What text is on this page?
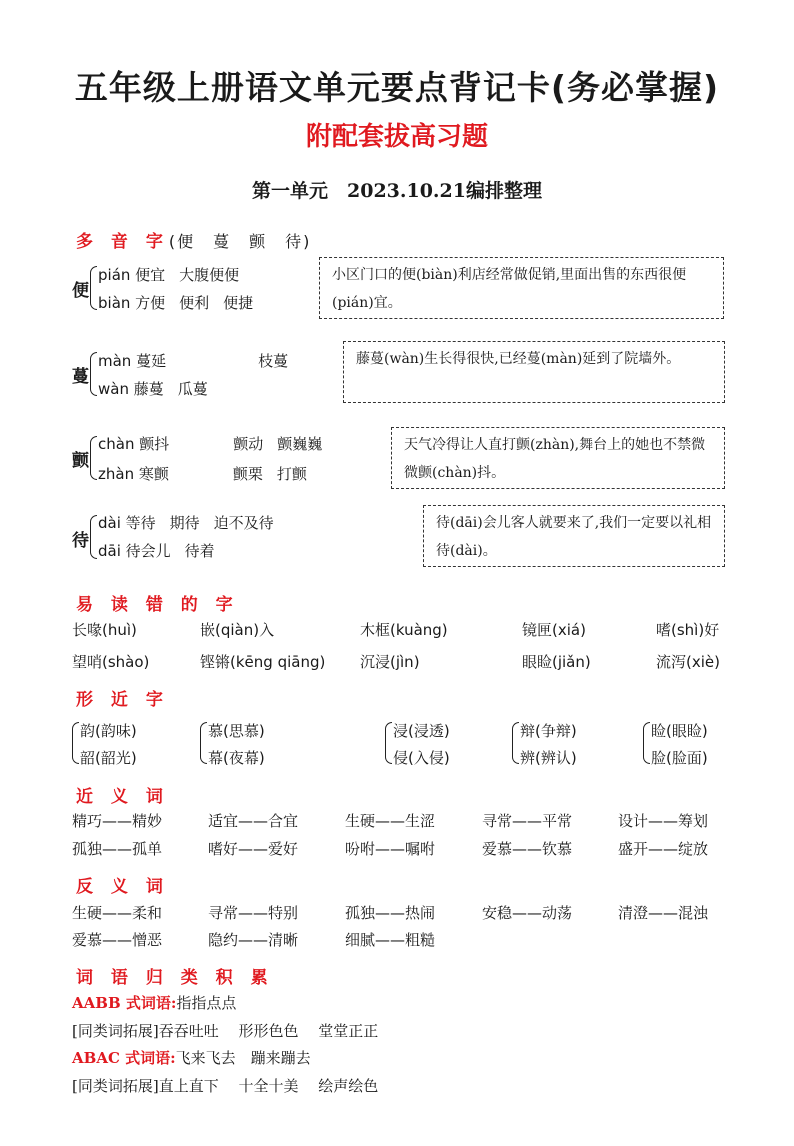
五年级上册语文单元要点背记卡(务必掌握)
附配套拔高习题
第一单元　2023.10.21编排整理
多 音 字(便　蔓　颤　待)
便
pián 便宜 大腹便便
biàn 方便 便利 便捷
小区门口的便(biàn)利店经常做促销,里面出售的东西很便(pián)宜。
蔓
màn 蔓延	枝蔓
wàn 藤蔓 瓜蔓
藤蔓(wàn)生长得很快,已经蔓(màn)延到了院墙外。
颤
chàn 颤抖	颤动 颤巍巍
zhàn 寒颤	颤栗 打颤
天气冷得让人直打颤(zhàn),舞台上的她也不禁微微颤(chàn)抖。
待
dài 等待 期待 迫不及待
dāi 待会儿 待着
待(dāi)会儿客人就要来了,我们一定要以礼相待(dài)。
易 读 错 的 字
长喙(huì)	嵌(qiàn)入	木框(kuàng)	镜匣(xiá)	嗜(shì)好
望哨(shào)	铿锵(kēng qiāng) 沉浸(jìn)	眼睑(jiǎn)	流泻(xiè)
形 近 字
韵(韵味)
韶(韶光)
慕(思慕)
幕(夜幕)
浸(浸透)
侵(入侵)
辩(争辩)
辨(辨认)
睑(眼睑)
脸(脸面)
近 义 词
精巧——精妙	适宜——合宜	生硬——生涩	寻常——平常	设计——筹划
孤独——孤单	嗜好——爱好	吩咐——嘱咐	爱慕——钦慕	盛开——绽放
反 义 词
生硬——柔和	寻常——特别	孤独——热闹	安稳——动荡	清澄——混浊
爱慕——憎恶	隐约——清晰	细腻——粗糙
词 语 归 类 积 累
AABB 式词语:指指点点
[同类词拓展]吞吞吐吐　 形形色色　 堂堂正正
ABAC 式词语:飞来飞去　蹦来蹦去
[同类词拓展]直上直下　 十全十美　 绘声绘色
